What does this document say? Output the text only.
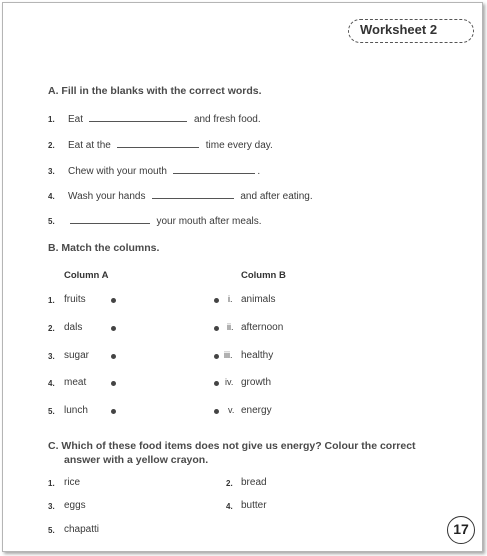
Worksheet 2
A. Fill in the blanks with the correct words.
1. Eat	and fresh food.
2. Eat at the	time every day.
3. Chew with your mouth	.
4. Wash your hands	and after eating.
5.	your mouth after meals.
B. Match the columns.
Column A	Column B
1. fruits	i. animals
2. dals	ii. afternoon
3. sugar	iii. healthy
4. meat	iv. growth
5. lunch	v. energy
C. Which of these food items does not give us energy? Colour the correct
answer with a yellow crayon.
1. rice	2. bread
3. eggs	4. butter
5. chapatti	17
